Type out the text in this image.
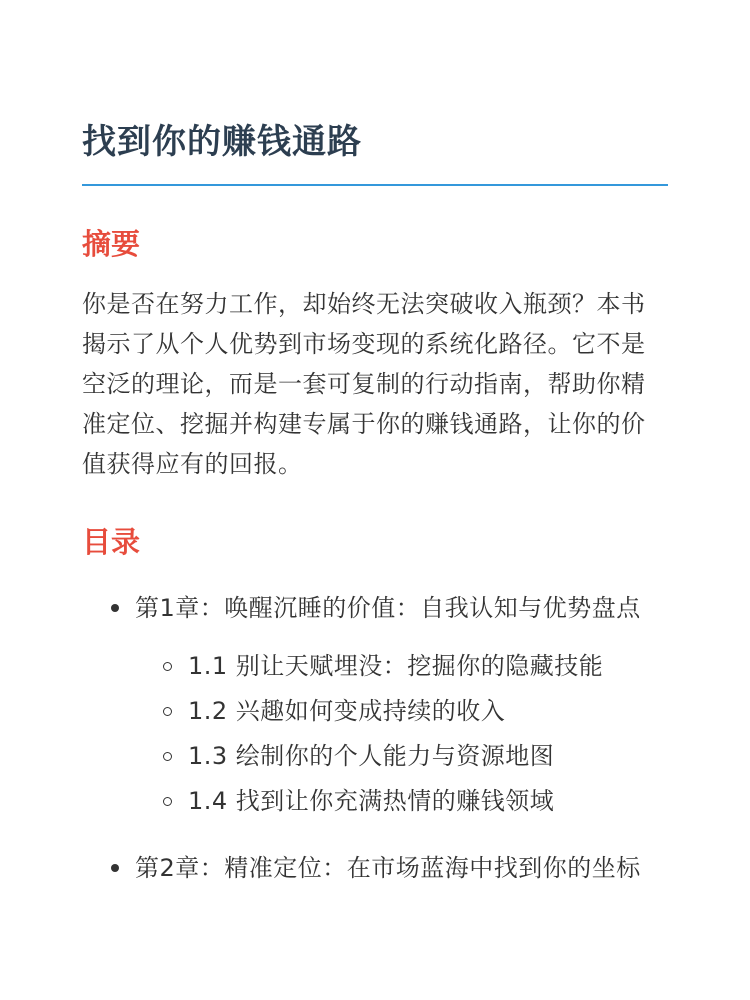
找到你的赚钱通路
摘要

你是否在努力工作，却始终无法突破收入瓶颈？本书揭示了从个人优势到市场变现的系统化路径。它不是空泛的理论，而是一套可复制的行动指南，帮助你精准定位、挖掘并构建专属于你的赚钱通路，让你的价值获得应有的回报。

目录
第1章：唤醒沉睡的价值：自我认知与优势盘点
1.1 别让天赋埋没：挖掘你的隐藏技能
1.2 兴趣如何变成持续的收入
1.3 绘制你的个人能力与资源地图
1.4 找到让你充满热情的赚钱领域
第2章：精准定位：在市场蓝海中找到你的坐标
